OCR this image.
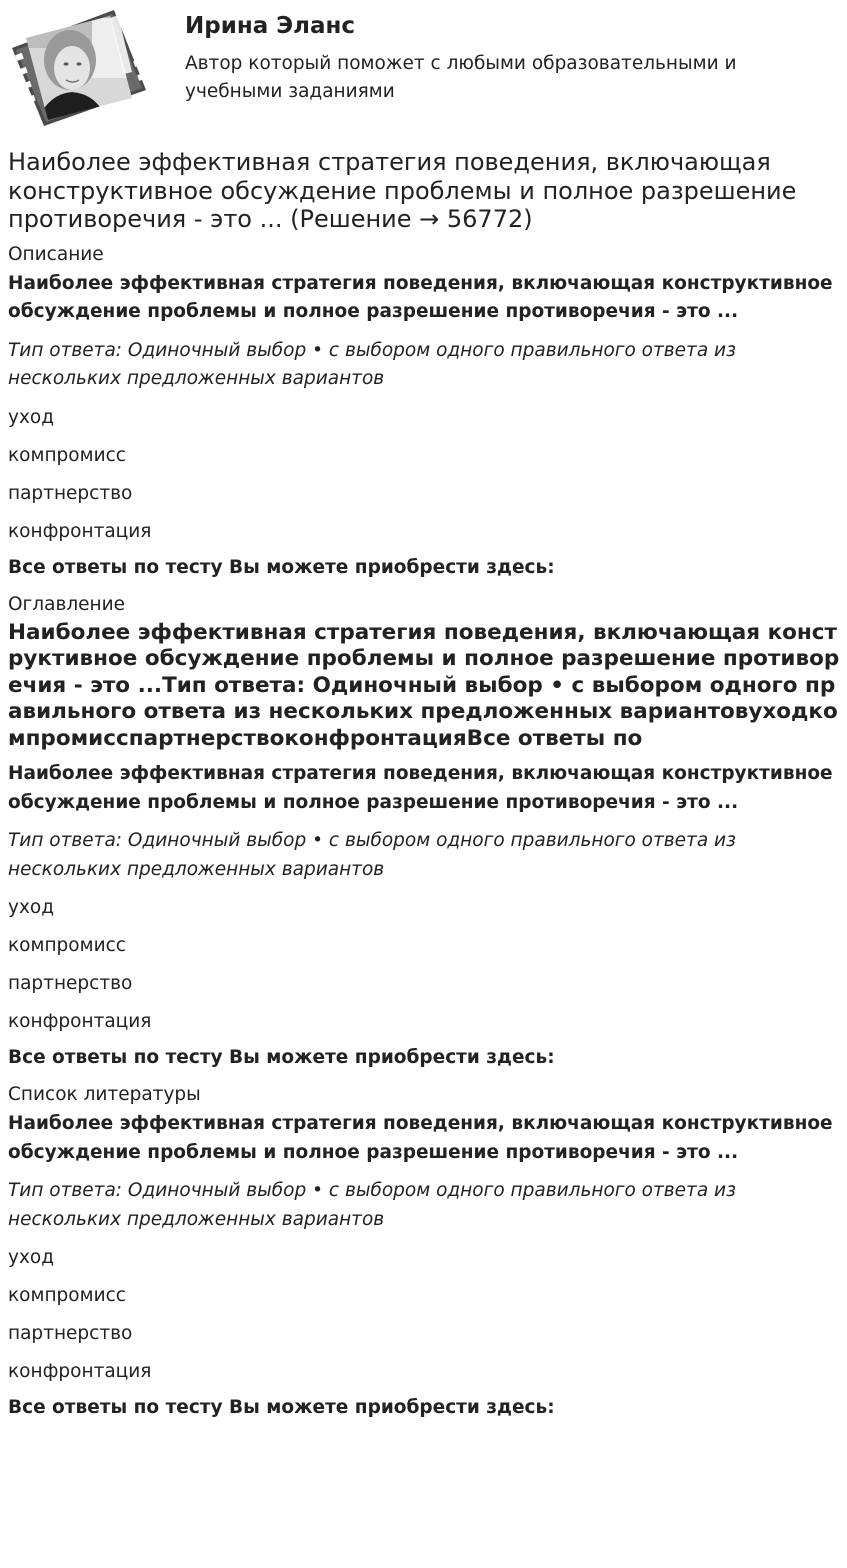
Ирина Эланс
Автор который поможет с любыми образовательными и учебными заданиями
Наиболее эффективная стратегия поведения, включающая конструктивное обсуждение проблемы и полное разрешение противоречия - это ... (Решение → 56772)
Описание
Наиболее эффективная стратегия поведения, включающая конструктивное обсуждение проблемы и полное разрешение противоречия - это ...
Тип ответа: Одиночный выбор • с выбором одного правильного ответа из нескольких предложенных вариантов
уход
компромисс
партнерство
конфронтация
Все ответы по тесту Вы можете приобрести здесь:
Оглавление
Наиболее эффективная стратегия поведения, включающая конструктивное обсуждение проблемы и полное разрешение противоречия - это ...Тип ответа: Одиночный выбор • с выбором одного правильного ответа из нескольких предложенных вариантовуходкомпромисспартнерствоконфронтацияВсе ответы по
Наиболее эффективная стратегия поведения, включающая конструктивное обсуждение проблемы и полное разрешение противоречия - это ...
Тип ответа: Одиночный выбор • с выбором одного правильного ответа из нескольких предложенных вариантов
уход
компромисс
партнерство
конфронтация
Все ответы по тесту Вы можете приобрести здесь:
Список литературы
Наиболее эффективная стратегия поведения, включающая конструктивное обсуждение проблемы и полное разрешение противоречия - это ...
Тип ответа: Одиночный выбор • с выбором одного правильного ответа из нескольких предложенных вариантов
уход
компромисс
партнерство
конфронтация
Все ответы по тесту Вы можете приобрести здесь:
